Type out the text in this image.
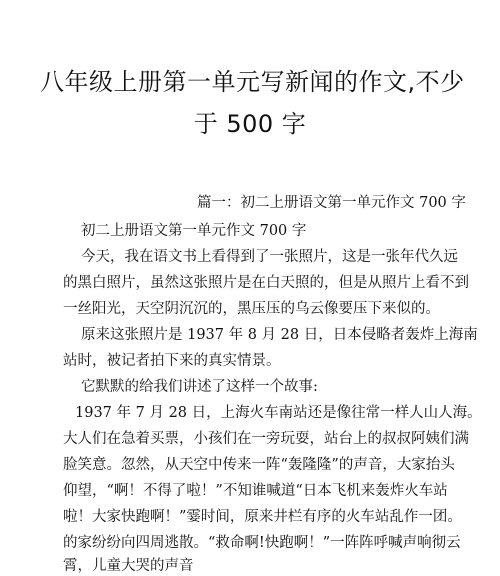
八年级上册第一单元写新闻的作文,不少
于 500 字
篇一：初二上册语文第一单元作文 700 字
初二上册语文第一单元作文 700 字
今天，我在语文书上看得到了一张照片，这是一张年代久远
的黑白照片，虽然这张照片是在白天照的，但是从照片上看不到
一丝阳光，天空阴沉沉的，黑压压的乌云像要压下来似的。
原来这张照片是 1937 年 8 月 28 日，日本侵略者轰炸上海南
站时，被记者拍下来的真实情景。
它默默的给我们讲述了这样一个故事:
1937 年 7 月 28 日，上海火车南站还是像往常一样人山人海。
大人们在急着买票，小孩们在一旁玩耍，站台上的叔叔阿姨们满
脸笑意。忽然，从天空中传来一阵“轰隆隆”的声音，大家抬头
仰望，“啊！不得了啦！”不知谁喊道“日本飞机来轰炸火车站
啦！大家快跑啊！”霎时间，原来井栏有序的火车站乱作一团。
的家纷纷向四周逃散。“救命啊!快跑啊！”一阵阵呼喊声响彻云
霄，儿童大哭的声音
